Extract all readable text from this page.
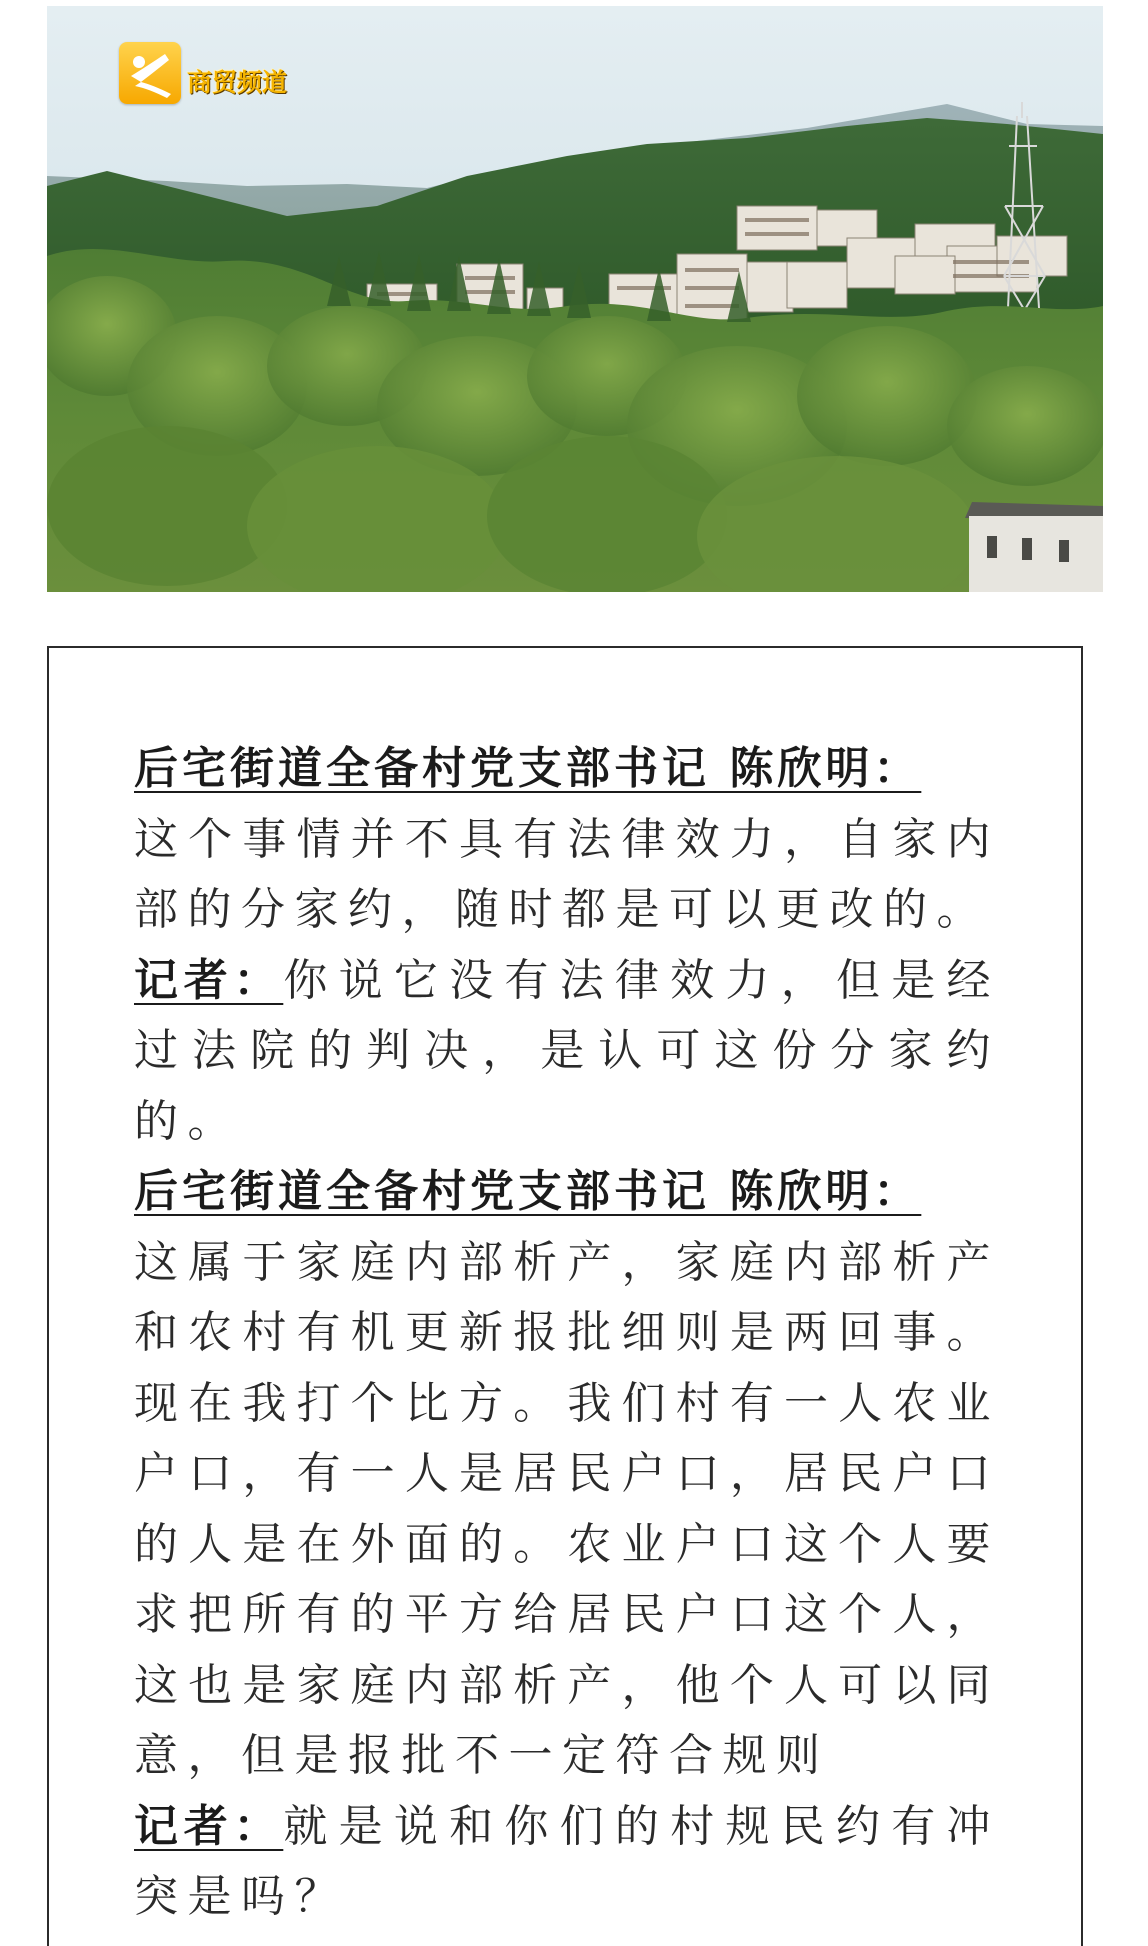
商贸频道

后宅街道全备村党支部书记 陈欣明：
这个事情并不具有法律效力，自家内部的分家约，随时都是可以更改的。

记者：你说它没有法律效力，但是经过法院的判决，是认可这份分家约的。

后宅街道全备村党支部书记 陈欣明：
这属于家庭内部析产，家庭内部析产和农村有机更新报批细则是两回事。现在我打个比方。我们村有一人农业户口，有一人是居民户口，居民户口的人是在外面的。农业户口这个人要求把所有的平方给居民户口这个人，这也是家庭内部析产，他个人可以同意，但是报批不一定符合规则

记者：就是说和你们的村规民约有冲突是吗？
